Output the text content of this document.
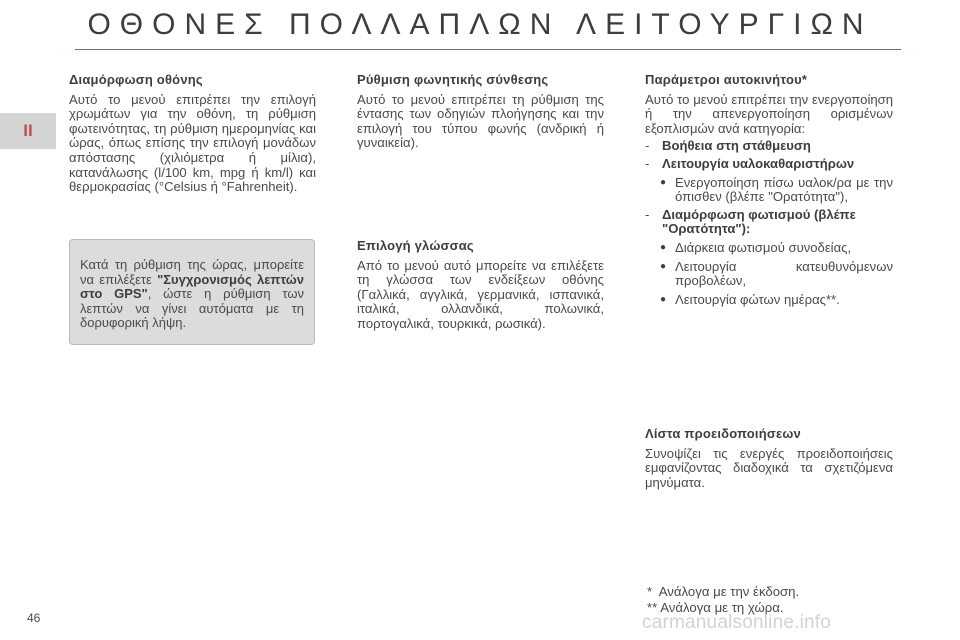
ΟΘΟΝΕΣ ΠΟΛΛΑΠΛΩΝ ΛΕΙΤΟΥΡΓΙΩΝ
II
Διαμόρφωση οθόνης

Αυτό το μενού επιτρέπει την επιλογή χρωμάτων για την οθόνη, τη ρύθμιση φωτεινότητας, τη ρύθμιση ημερομηνίας και ώρας, όπως επίσης την επιλογή μονάδων απόστασης (χιλιόμετρα ή μίλια), κατανάλωσης (l/100 km, mpg ή km/l) και θερμοκρασίας (°Celsius ή °Fahrenheit).

Κατά τη ρύθμιση της ώρας, μπορείτε να επιλέξετε "Συγχρονισμός λεπτών στο GPS", ώστε η ρύθμιση των λεπτών να γίνει αυτόματα με τη δορυφορική λήψη.
Ρύθμιση φωνητικής σύνθεσης

Αυτό το μενού επιτρέπει τη ρύθμιση της έντασης των οδηγιών πλοήγησης και την επιλογή του τύπου φωνής (ανδρική ή γυναικεία).

Επιλογή γλώσσας

Από το μενού αυτό μπορείτε να επιλέξετε τη γλώσσα των ενδείξεων οθόνης (Γαλλικά, αγγλικά, γερμανικά, ισπανικά, ιταλικά, ολλανδικά, πολωνικά, πορτογαλικά, τουρκικά, ρωσικά).

Παράμετροι αυτοκινήτου*

Αυτό το μενού επιτρέπει την ενεργοποίηση ή την απενεργοποίηση ορισμένων εξοπλισμών ανά κατηγορία:

- Βοήθεια στη στάθμευση
- Λειτουργία υαλοκαθαριστήρων
● Ενεργοποίηση πίσω υαλοκ/ρα με την όπισθεν (βλέπε "Ορατότητα"),
- Διαμόρφωση φωτισμού (βλέπε "Ορατότητα"):
● Διάρκεια φωτισμού συνοδείας,
● Λειτουργία κατευθυνόμενων προβολέων,
● Λειτουργία φώτων ημέρας**.
Λίστα προειδοποιήσεων

Συνοψίζει τις ενεργές προειδοποιήσεις εμφανίζοντας διαδοχικά τα σχετιζόμενα μηνύματα.

*  Ανάλογα με την έκδοση.
** Ανάλογα με τη χώρα.
46	carmanualsonline.info
